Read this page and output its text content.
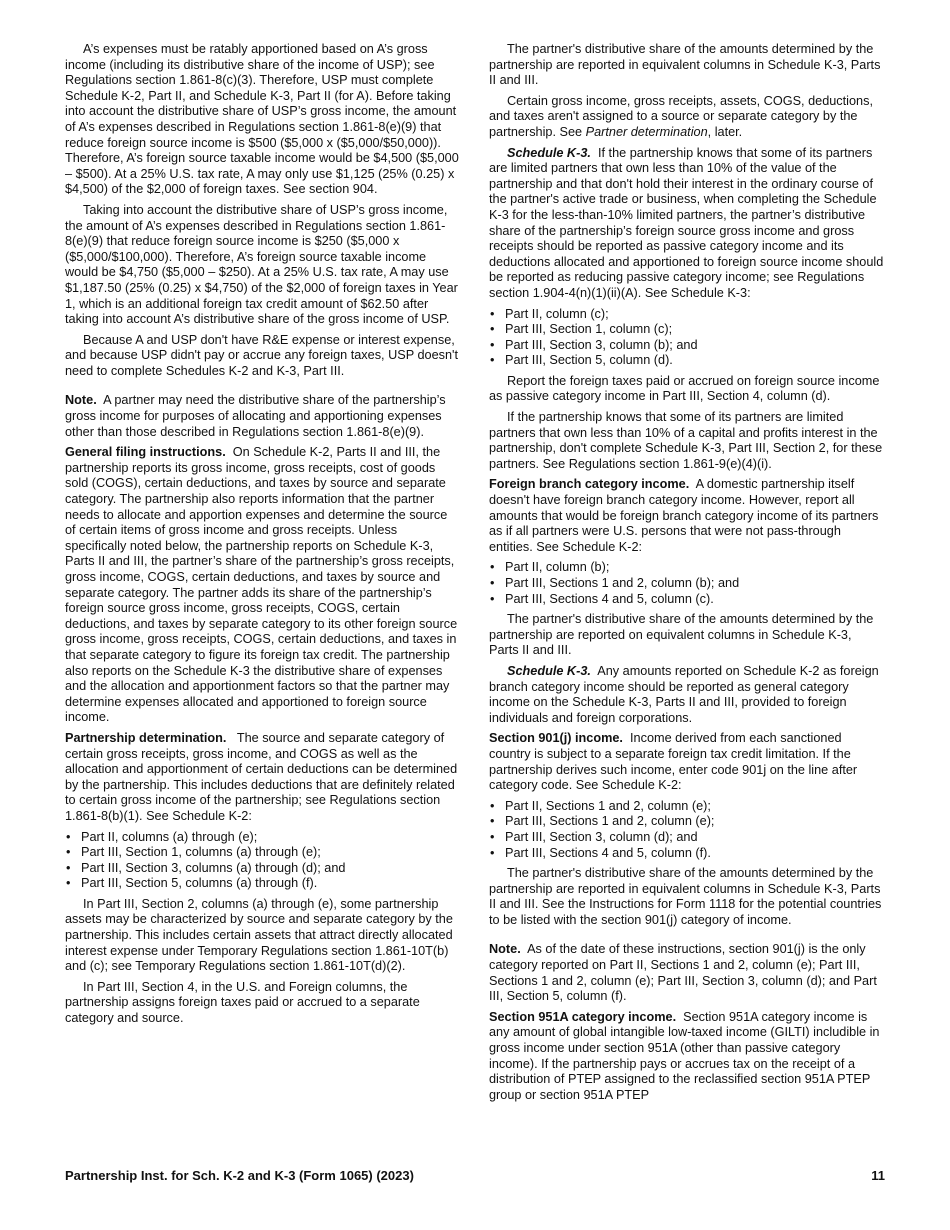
A’s expenses must be ratably apportioned based on A’s gross income (including its distributive share of the income of USP); see Regulations section 1.861-8(c)(3). Therefore, USP must complete Schedule K-2, Part II, and Schedule K-3, Part II (for A). Before taking into account the distributive share of USP’s gross income, the amount of A’s expenses described in Regulations section 1.861-8(e)(9) that reduce foreign source income is $500 ($5,000 x ($5,000/$50,000)). Therefore, A’s foreign source taxable income would be $4,500 ($5,000 – $500). At a 25% U.S. tax rate, A may only use $1,125 (25% (0.25) x $4,500) of the $2,000 of foreign taxes. See section 904.

Taking into account the distributive share of USP’s gross income, the amount of A’s expenses described in Regulations section 1.861-8(e)(9) that reduce foreign source income is $250 ($5,000 x ($5,000/$100,000). Therefore, A’s foreign source taxable income would be $4,750 ($5,000 – $250). At a 25% U.S. tax rate, A may use $1,187.50 (25% (0.25) x $4,750) of the $2,000 of foreign taxes in Year 1, which is an additional foreign tax credit amount of $62.50 after taking into account A’s distributive share of the gross income of USP.

Because A and USP don't have R&E expense or interest expense, and because USP didn't pay or accrue any foreign taxes, USP doesn't need to complete Schedules K-2 and K-3, Part III.

Note. A partner may need the distributive share of the partnership’s gross income for purposes of allocating and apportioning expenses other than those described in Regulations section 1.861-8(e)(9).

General filing instructions. On Schedule K-2, Parts II and III, the partnership reports its gross income, gross receipts, cost of goods sold (COGS), certain deductions, and taxes by source and separate category. The partnership also reports information that the partner needs to allocate and apportion expenses and determine the source of certain items of gross income and gross receipts. Unless specifically noted below, the partnership reports on Schedule K-3, Parts II and III, the partner’s share of the partnership’s gross receipts, gross income, COGS, certain deductions, and taxes by source and separate category. The partner adds its share of the partnership’s foreign source gross income, gross receipts, COGS, certain deductions, and taxes by separate category to its other foreign source gross income, gross receipts, COGS, certain deductions, and taxes in that separate category to figure its foreign tax credit. The partnership also reports on the Schedule K-3 the distributive share of expenses and the allocation and apportionment factors so that the partner may determine expenses allocated and apportioned to foreign source income.

Partnership determination. The source and separate category of certain gross receipts, gross income, and COGS as well as the allocation and apportionment of certain deductions can be determined by the partnership. This includes deductions that are definitely related to certain gross income of the partnership; see Regulations section 1.861-8(b)(1). See Schedule K-2:

• Part II, columns (a) through (e);
• Part III, Section 1, columns (a) through (e);
• Part III, Section 3, columns (a) through (d); and
• Part III, Section 5, columns (a) through (f).

In Part III, Section 2, columns (a) through (e), some partnership assets may be characterized by source and separate category by the partnership. This includes certain assets that attract directly allocated interest expense under Temporary Regulations section 1.861-10T(b) and (c); see Temporary Regulations section 1.861-10T(d)(2).

In Part III, Section 4, in the U.S. and Foreign columns, the partnership assigns foreign taxes paid or accrued to a separate category and source.

The partner's distributive share of the amounts determined by the partnership are reported in equivalent columns in Schedule K-3, Parts II and III.

Certain gross income, gross receipts, assets, COGS, deductions, and taxes aren't assigned to a source or separate category by the partnership. See Partner determination, later.

Schedule K-3. If the partnership knows that some of its partners are limited partners that own less than 10% of the value of the partnership and that don't hold their interest in the ordinary course of the partner's active trade or business, when completing the Schedule K-3 for the less-than-10% limited partners, the partner’s distributive share of the partnership’s foreign source gross income and gross receipts should be reported as passive category income and its deductions allocated and apportioned to foreign source income should be reported as reducing passive category income; see Regulations section 1.904-4(n)(1)(ii)(A). See Schedule K-3:

• Part II, column (c);
• Part III, Section 1, column (c);
• Part III, Section 3, column (b); and
• Part III, Section 5, column (d).

Report the foreign taxes paid or accrued on foreign source income as passive category income in Part III, Section 4, column (d).

If the partnership knows that some of its partners are limited partners that own less than 10% of a capital and profits interest in the partnership, don't complete Schedule K-3, Part III, Section 2, for these partners. See Regulations section 1.861-9(e)(4)(i).

Foreign branch category income. A domestic partnership itself doesn't have foreign branch category income. However, report all amounts that would be foreign branch category income of its partners as if all partners were U.S. persons that were not pass-through entities. See Schedule K-2:

• Part II, column (b);
• Part III, Sections 1 and 2, column (b); and
• Part III, Sections 4 and 5, column (c).

The partner's distributive share of the amounts determined by the partnership are reported on equivalent columns in Schedule K-3, Parts II and III.

Schedule K-3. Any amounts reported on Schedule K-2 as foreign branch category income should be reported as general category income on the Schedule K-3, Parts II and III, provided to foreign individuals and foreign corporations.

Section 901(j) income. Income derived from each sanctioned country is subject to a separate foreign tax credit limitation. If the partnership derives such income, enter code 901j on the line after category code. See Schedule K-2:

• Part II, Sections 1 and 2, column (e);
• Part III, Sections 1 and 2, column (e);
• Part III, Section 3, column (d); and
• Part III, Sections 4 and 5, column (f).

The partner's distributive share of the amounts determined by the partnership are reported in equivalent columns in Schedule K-3, Parts II and III. See the Instructions for Form 1118 for the potential countries to be listed with the section 901(j) category of income.

Note. As of the date of these instructions, section 901(j) is the only category reported on Part II, Sections 1 and 2, column (e); Part III, Sections 1 and 2, column (e); Part III, Section 3, column (d); and Part III, Section 5, column (f).

Section 951A category income. Section 951A category income is any amount of global intangible low-taxed income (GILTI) includible in gross income under section 951A (other than passive category income). If the partnership pays or accrues tax on the receipt of a distribution of PTEP assigned to the reclassified section 951A PTEP group or section 951A PTEP

Partnership Inst. for Sch. K-2 and K-3 (Form 1065) (2023)	11
